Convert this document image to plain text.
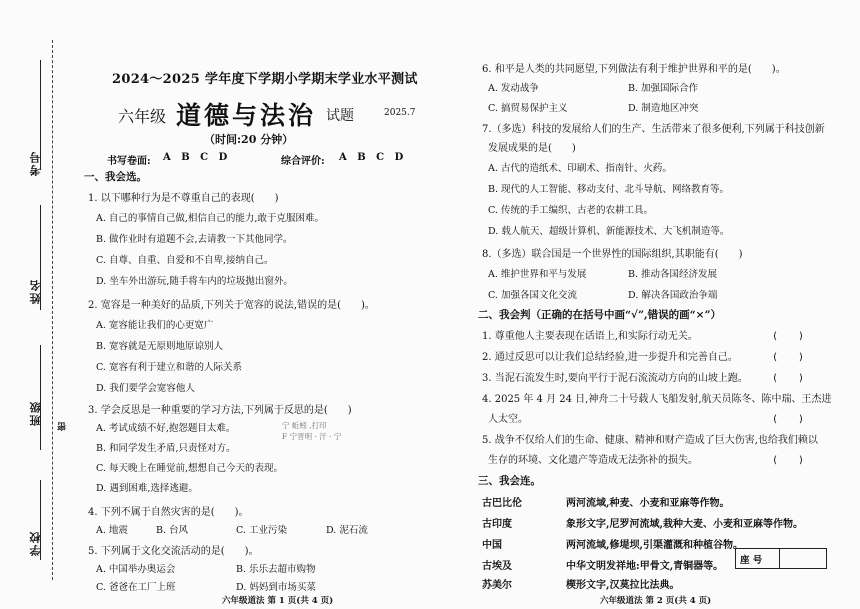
考号
姓名
班级 密
学校
2024～2025 学年度下学期小学期末学业水平测试
六年级 道德与法治 试题	2025.7
（时间:20 分钟）
书写卷面: A B C D	综合评价: A B C D
一、我会选。
1. 以下哪种行为是不尊重自己的表现(　　)
A. 自己的事情自己做,相信自己的能力,敢于克服困难。
B. 做作业时有道题不会,去请教一下其他同学。
C. 自尊、自重、自爱和不自卑,接纳自己。
D. 坐车外出游玩,随手将车内的垃圾抛出窗外。
2. 宽容是一种美好的品质,下列关于宽容的说法,错误的是(　　)。
A. 宽容能让我们的心更宽广
B. 宽容就是无原则地原谅别人
C. 宽容有利于建立和谐的人际关系
D. 我们要学会宽容他人
3. 学会反思是一种重要的学习方法,下列属于反思的是(　　)
A. 考试成绩不好,抱怨题目太难。
B. 和同学发生矛盾,只责怪对方。
C. 每天晚上在睡觉前,想想自己今天的表现。
D. 遇到困难,选择逃避。
宁 蚯蚓 ,打印
F 宁晋明 · 汗 · 宁
4. 下列不属于自然灾害的是(　　)。
A. 地震	B. 台风	C. 工业污染	D. 泥石流
5. 下列属于文化交流活动的是(　　)。
A. 中国举办奥运会	B. 乐乐去超市购物
C. 爸爸在工厂上班	D. 妈妈到市场买菜
六年级道法 第 1 页(共 4 页)
6. 和平是人类的共同愿望,下列做法有利于维护世界和平的是(　　)。
A. 发动战争	B. 加强国际合作
C. 搞贸易保护主义	D. 制造地区冲突
7.（多选）科技的发展给人们的生产、生活带来了很多便利,下列属于科技创新
发展成果的是(　　)
A. 古代的造纸术、印刷术、指南针、火药。
B. 现代的人工智能、移动支付、北斗导航、网络教育等。
C. 传统的手工编织、古老的农耕工具。
D. 载人航天、超级计算机、新能源技术、大飞机制造等。
8.（多选）联合国是一个世界性的国际组织,其职能有(　　)
A. 维护世界和平与发展	B. 推动各国经济发展
C. 加强各国文化交流	D. 解决各国政治争端
二、我会判（正确的在括号中画“√”,错误的画“×”）
1. 尊重他人主要表现在话语上,和实际行动无关。	(　　)
2. 通过反思可以让我们总结经验,进一步提升和完善自己。	(　　)
3. 当泥石流发生时,要向平行于泥石流流动方向的山坡上跑。 (　　)
4. 2025 年 4 月 24 日,神舟二十号载人飞船发射,航天员陈冬、陈中瑞、王杰进
人太空。	(　　)
5. 战争不仅给人们的生命、健康、精神和财产造成了巨大伤害,也给我们赖以
生存的环境、文化遗产等造成无法弥补的损失。	(　　)
三、我会连。
古巴比伦	两河流域,种麦、小麦和亚麻等作物。
古印度	象形文字,尼罗河流域,栽种大麦、小麦和亚麻等作物。
中国	两河流域,修堤坝,引渠灌溉和种植谷物。
古埃及	中华文明发祥地:甲骨文,青铜器等。
苏美尔	楔形文字,汉莫拉比法典。
六年级道法 第 2 页(共 4 页)
座 号
